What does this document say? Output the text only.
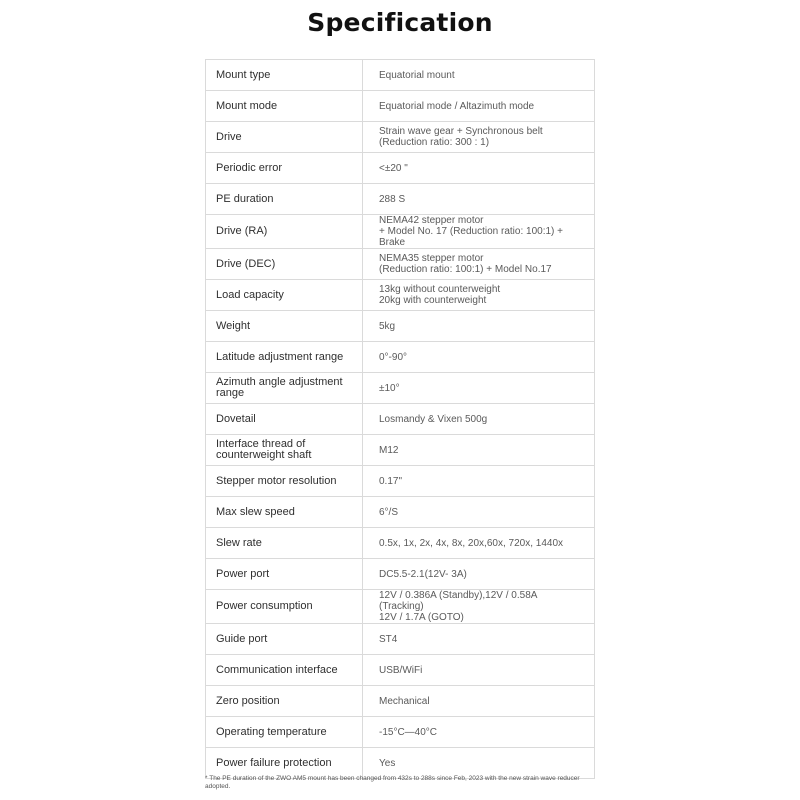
Specification
Mount type	Equatorial mount

Mount mode	Equatorial mode / Altazimuth mode

Drive	Strain wave gear + Synchronous belt
(Reduction ratio: 300 : 1)

Periodic error	<±20 "

PE duration	288 S

Drive (RA)	NEMA42 stepper motor
+ Model No. 17 (Reduction ratio: 100:1) + Brake

Drive (DEC)	NEMA35 stepper motor
(Reduction ratio: 100:1) + Model No.17

Load capacity	13kg without counterweight
20kg with counterweight

Weight	5kg

Latitude adjustment range	0°-90°

Azimuth angle adjustment range	±10°

Dovetail	Losmandy & Vixen 500g

Interface thread of counterweight shaft	M12

Stepper motor resolution	0.17"

Max slew speed	6°/S

Slew rate	0.5x, 1x, 2x, 4x, 8x, 20x,60x, 720x, 1440x

Power port	DC5.5-2.1(12V- 3A)

Power consumption	12V / 0.386A (Standby),12V / 0.58A (Tracking)
12V / 1.7A (GOTO)

Guide port	ST4

Communication interface	USB/WiFi

Zero position	Mechanical

Operating temperature	-15°C—40°C

Power failure protection	Yes
* The PE duration of the ZWO AM5 mount has been changed from 432s to 288s since Feb, 2023 with the new strain wave reducer adopted.
